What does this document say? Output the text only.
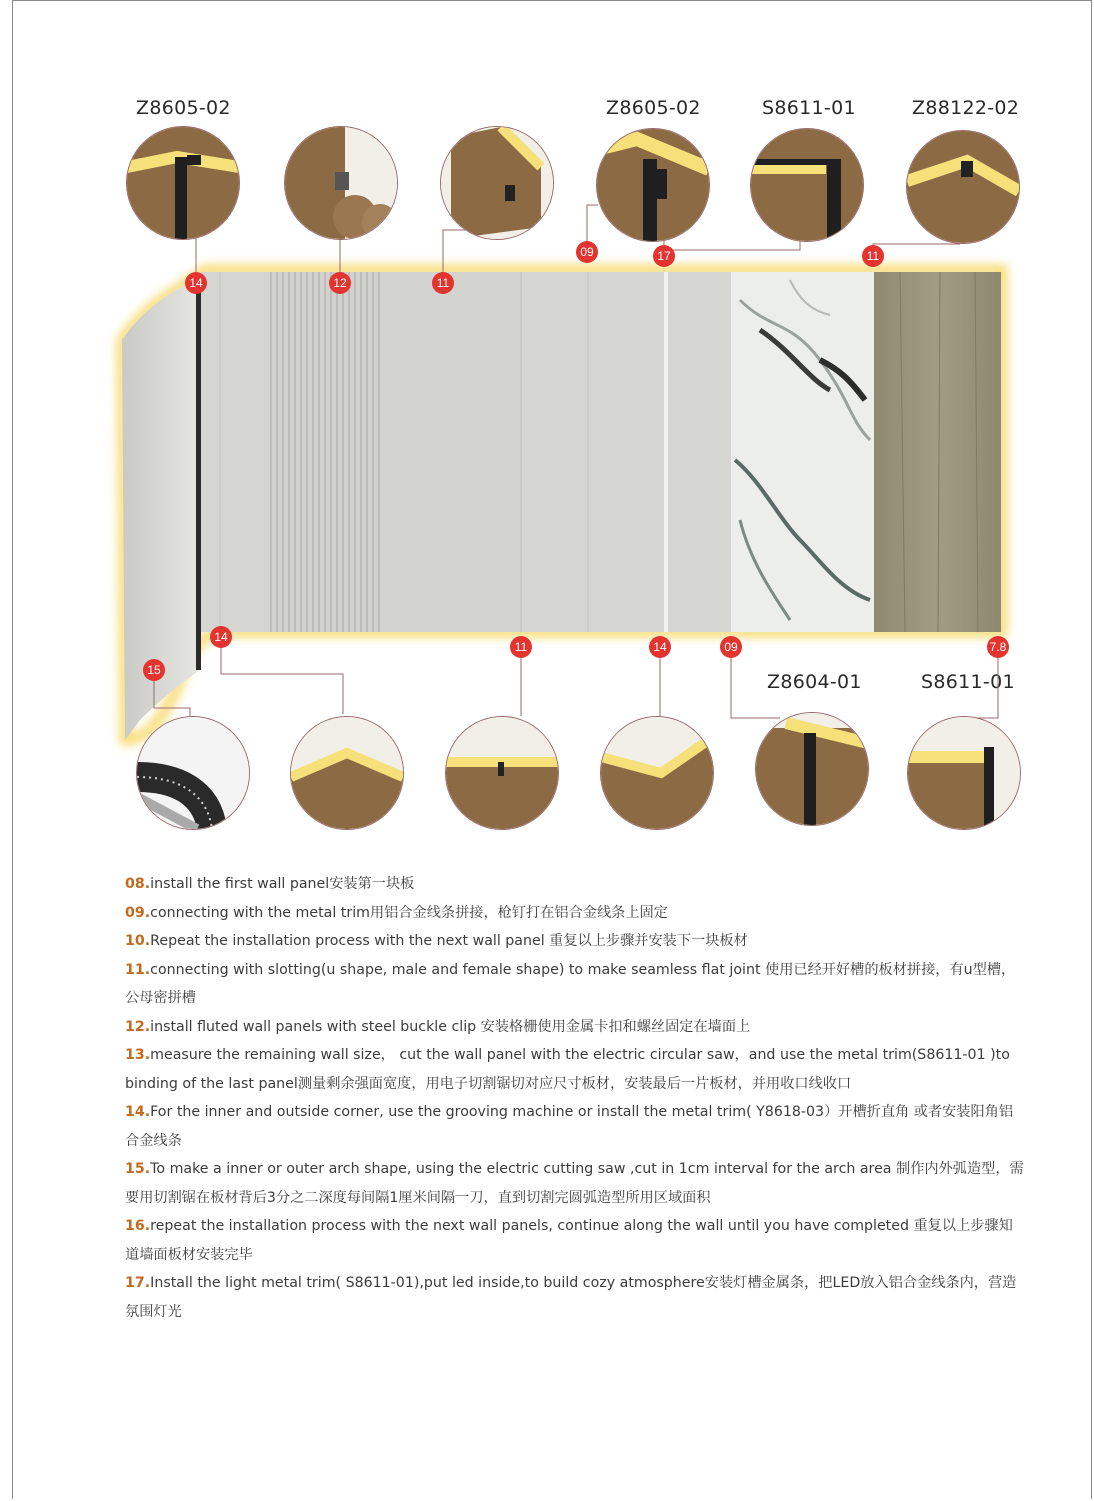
Z8605-02	Z8605-02	S8611-01	Z88122-02
Z8604-01	S8611-01
14	12	11
09	17	11
15
14
11	14	09	7.8

08.install the first wall panel安装第一块板

09.connecting with the metal trim用铝合金线条拼接，枪钉打在铝合金线条上固定

10.Repeat the installation process with the next wall panel 重复以上步骤并安装下一块板材

11.connecting with slotting(u shape, male and female shape) to make seamless flat joint 使用已经开好槽的板材拼接，有u型槽，公母密拼槽

12.install fluted wall panels with steel buckle clip 安装格栅使用金属卡扣和螺丝固定在墙面上

13.measure the remaining wall size， cut the wall panel with the electric circular saw，and use the metal trim(S8611-01 )to binding of the last panel测量剩余强面宽度，用电子切割锯切对应尺寸板材，安装最后一片板材，并用收口线收口

14.For the inner and outside corner, use the grooving machine or install the metal trim( Y8618-03）开槽折直角 或者安装阳角铝合金线条

15.To make a inner or outer arch shape, using the electric cutting saw ,cut in 1cm interval for the arch area 制作内外弧造型，需要用切割锯在板材背后3分之二深度每间隔1厘米间隔一刀，直到切割完圆弧造型所用区域面积

16.repeat the installation process with the next wall panels, continue along the wall until you have completed 重复以上步骤知道墙面板材安装完毕

17.Install the light metal trim( S8611-01),put led inside,to build cozy atmosphere安装灯槽金属条，把LED放入铝合金线条内，营造氛围灯光
